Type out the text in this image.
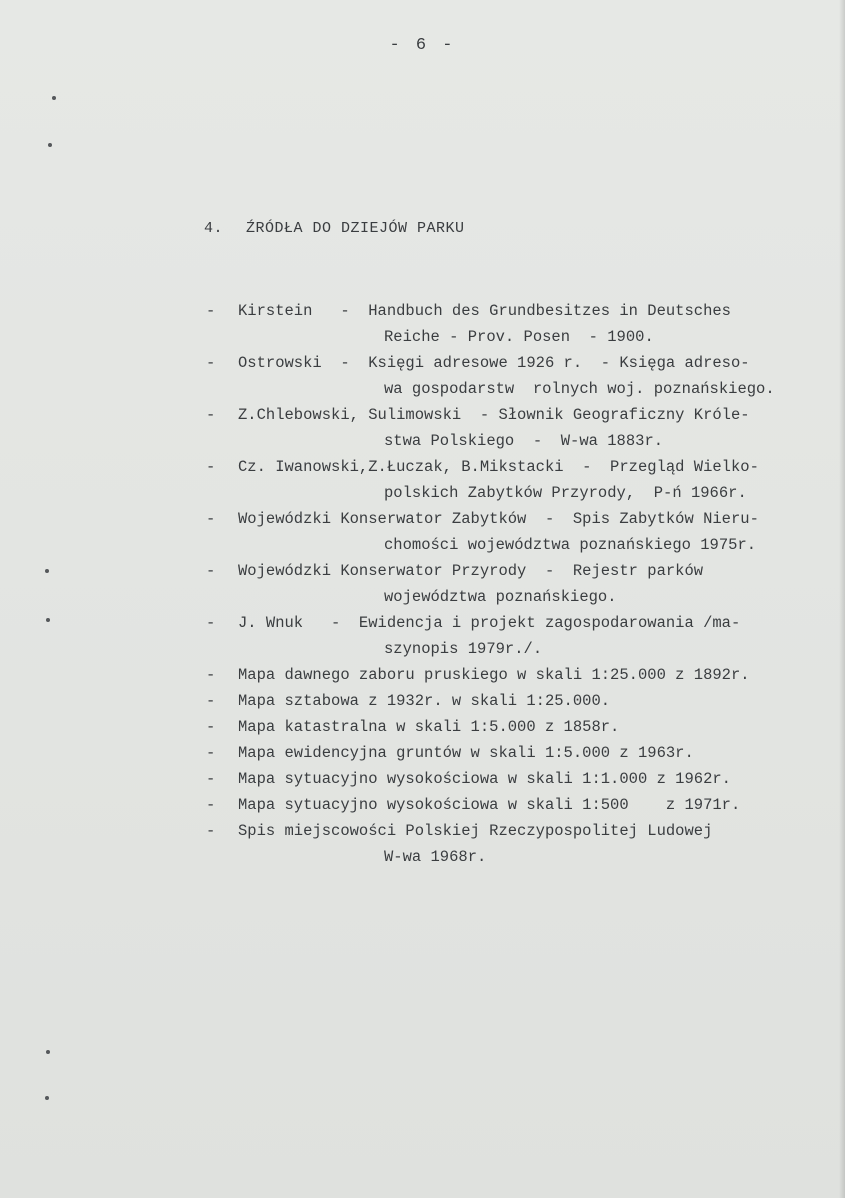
- 6 -
4. ŹRÓDŁA DO DZIEJÓW PARKU
- Kirstein   -  Handbuch des Grundbesitzes in Deutsches
Reiche - Prov. Posen  - 1900.
- Ostrowski  -  Księgi adresowe 1926 r.  - Księga adreso-
wa gospodarstw  rolnych woj. poznańskiego.
- Z.Chlebowski, Sulimowski  - Słownik Geograficzny Króle-
stwa Polskiego  -  W-wa 1883r.
- Cz. Iwanowski,Z.Łuczak, B.Mikstacki  -  Przegląd Wielko-
polskich Zabytków Przyrody,  P-ń 1966r.
- Wojewódzki Konserwator Zabytków  -  Spis Zabytków Nieru-
chomości województwa poznańskiego 1975r.
- Wojewódzki Konserwator Przyrody  -  Rejestr parków
województwa poznańskiego.
- J. Wnuk   -  Ewidencja i projekt zagospodarowania /ma-
szynopis 1979r./.
- Mapa dawnego zaboru pruskiego w skali 1:25.000 z 1892r.
- Mapa sztabowa z 1932r. w skali 1:25.000.
- Mapa katastralna w skali 1:5.000 z 1858r.
- Mapa ewidencyjna gruntów w skali 1:5.000 z 1963r.
- Mapa sytuacyjno wysokościowa w skali 1:1.000 z 1962r.
- Mapa sytuacyjno wysokościowa w skali 1:500    z 1971r.
- Spis miejscowości Polskiej Rzeczypospolitej Ludowej
W-wa 1968r.
